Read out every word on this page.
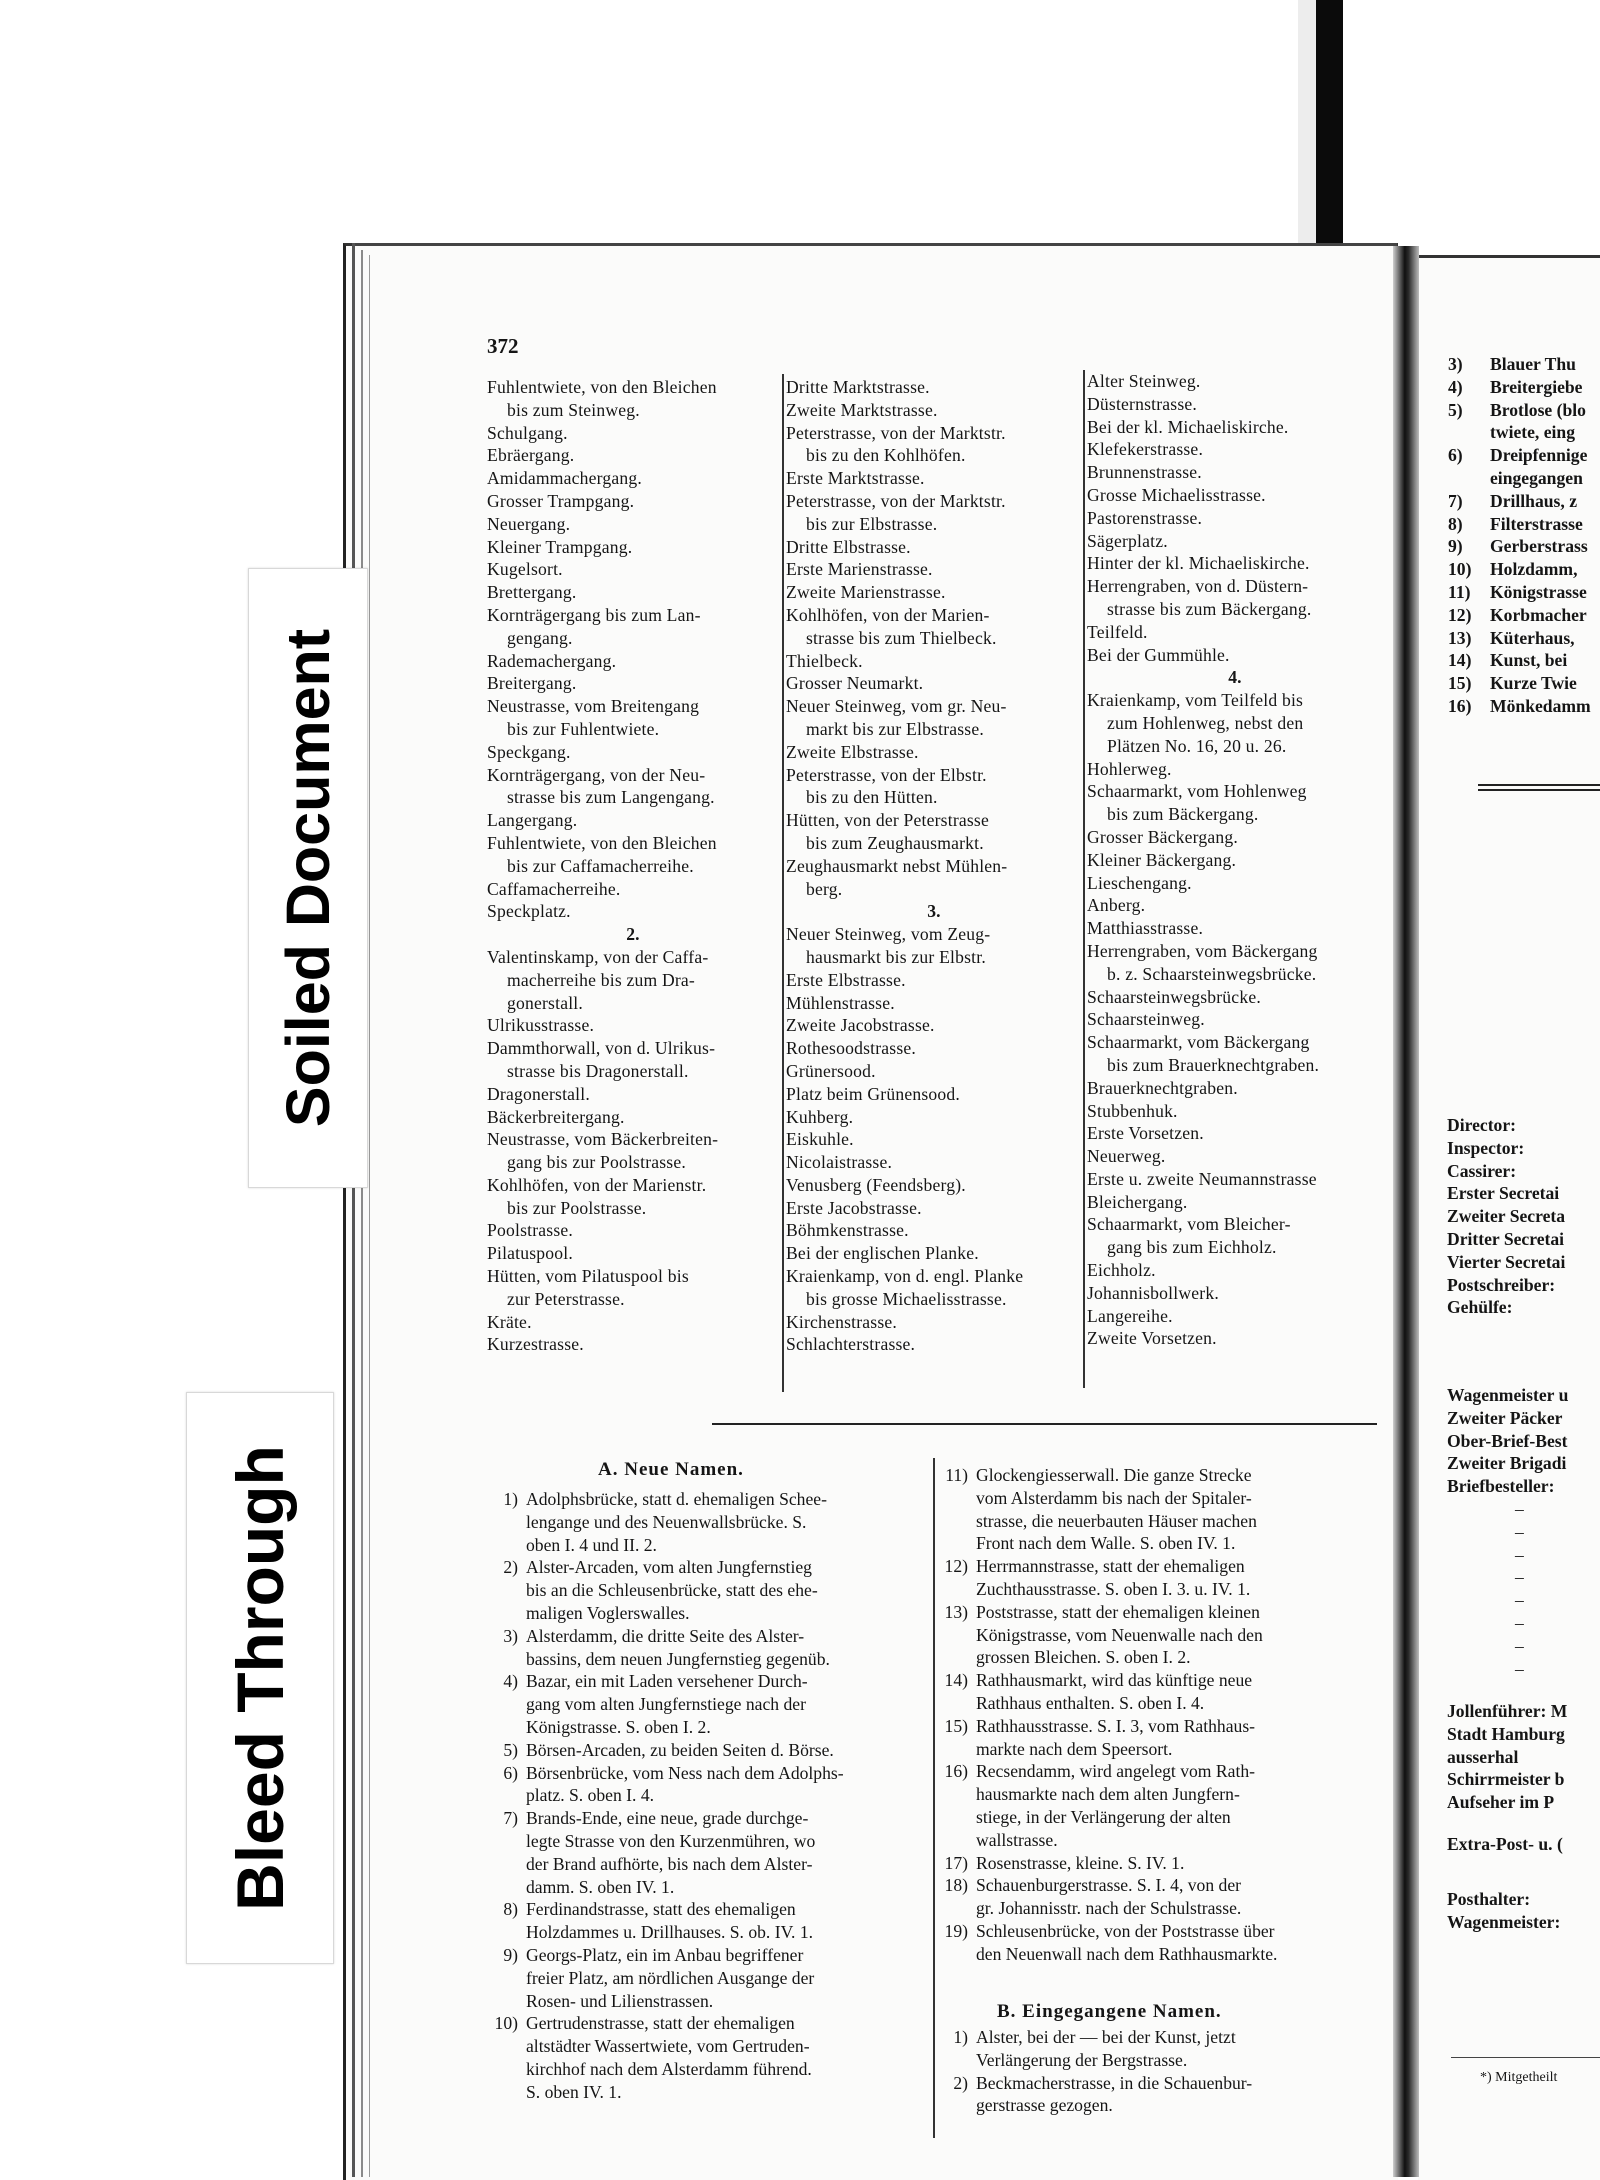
Soiled Document
Bleed Through
372
Fuhlentwiete, von den Bleichen
bis zum Steinweg.
Schulgang.
Ebräergang.
Amidammachergang.
Grosser Trampgang.
Neuergang.
Kleiner Trampgang.
Kugelsort.
Brettergang.
Kornträgergang bis zum Lan-
gengang.
Rademachergang.
Breitergang.
Neustrasse, vom Breitengang
bis zur Fuhlentwiete.
Speckgang.
Kornträgergang, von der Neu-
strasse bis zum Langengang.
Langergang.
Fuhlentwiete, von den Bleichen
bis zur Caffamacherreihe.
Caffamacherreihe.
Speckplatz.
2.
Valentinskamp, von der Caffa-
macherreihe bis zum Dra-
gonerstall.
Ulrikusstrasse.
Dammthorwall, von d. Ulrikus-
strasse bis Dragonerstall.
Dragonerstall.
Bäckerbreitergang.
Neustrasse, vom Bäckerbreiten-
gang bis zur Poolstrasse.
Kohlhöfen, von der Marienstr.
bis zur Poolstrasse.
Poolstrasse.
Pilatuspool.
Hütten, vom Pilatuspool bis
zur Peterstrasse.
Kräte.
Kurzestrasse.
Dritte Marktstrasse.
Zweite Marktstrasse.
Peterstrasse, von der Marktstr.
bis zu den Kohlhöfen.
Erste Marktstrasse.
Peterstrasse, von der Marktstr.
bis zur Elbstrasse.
Dritte Elbstrasse.
Erste Marienstrasse.
Zweite Marienstrasse.
Kohlhöfen, von der Marien-
strasse bis zum Thielbeck.
Thielbeck.
Grosser Neumarkt.
Neuer Steinweg, vom gr. Neu-
markt bis zur Elbstrasse.
Zweite Elbstrasse.
Peterstrasse, von der Elbstr.
bis zu den Hütten.
Hütten, von der Peterstrasse
bis zum Zeughausmarkt.
Zeughausmarkt nebst Mühlen-
berg.
3.
Neuer Steinweg, vom Zeug-
hausmarkt bis zur Elbstr.
Erste Elbstrasse.
Mühlenstrasse.
Zweite Jacobstrasse.
Rothesoodstrasse.
Grünersood.
Platz beim Grünensood.
Kuhberg.
Eiskuhle.
Nicolaistrasse.
Venusberg (Feendsberg).
Erste Jacobstrasse.
Böhmkenstrasse.
Bei der englischen Planke.
Kraienkamp, von d. engl. Planke
bis grosse Michaelisstrasse.
Kirchenstrasse.
Schlachterstrasse.
Alter Steinweg.
Düsternstrasse.
Bei der kl. Michaeliskirche.
Klefekerstrasse.
Brunnenstrasse.
Grosse Michaelisstrasse.
Pastorenstrasse.
Sägerplatz.
Hinter der kl. Michaeliskirche.
Herrengraben, von d. Düstern-
strasse bis zum Bäckergang.
Teilfeld.
Bei der Gummühle.
4.
Kraienkamp, vom Teilfeld bis
zum Hohlenweg, nebst den
Plätzen No. 16, 20 u. 26.
Hohlerweg.
Schaarmarkt, vom Hohlenweg
bis zum Bäckergang.
Grosser Bäckergang.
Kleiner Bäckergang.
Lieschengang.
Anberg.
Matthiasstrasse.
Herrengraben, vom Bäckergang
b. z. Schaarsteinwegsbrücke.
Schaarsteinwegsbrücke.
Schaarsteinweg.
Schaarmarkt, vom Bäckergang
bis zum Brauerknechtgraben.
Brauerknechtgraben.
Stubbenhuk.
Erste Vorsetzen.
Neuerweg.
Erste u. zweite Neumannstrasse
Bleichergang.
Schaarmarkt, vom Bleicher-
gang bis zum Eichholz.
Eichholz.
Johannisbollwerk.
Langereihe.
Zweite Vorsetzen.
A. Neue Namen.
1) Adolphsbrücke, statt d. ehemaligen Schee-
lengange und des Neuenwallsbrücke. S.
oben I. 4 und II. 2.
2) Alster-Arcaden, vom alten Jungfernstieg
bis an die Schleusenbrücke, statt des ehe-
maligen Voglerswalles.
3) Alsterdamm, die dritte Seite des Alster-
bassins, dem neuen Jungfernstieg gegenüb.
4) Bazar, ein mit Laden versehener Durch-
gang vom alten Jungfernstiege nach der
Königstrasse. S. oben I. 2.
5) Börsen-Arcaden, zu beiden Seiten d. Börse.
6) Börsenbrücke, vom Ness nach dem Adolphs-
platz. S. oben I. 4.
7) Brands-Ende, eine neue, grade durchge-
legte Strasse von den Kurzenmühren, wo
der Brand aufhörte, bis nach dem Alster-
damm. S. oben IV. 1.
8) Ferdinandstrasse, statt des ehemaligen
Holzdammes u. Drillhauses. S. ob. IV. 1.
9) Georgs-Platz, ein im Anbau begriffener
freier Platz, am nördlichen Ausgange der
Rosen- und Lilienstrassen.
10) Gertrudenstrasse, statt der ehemaligen
altstädter Wassertwiete, vom Gertruden-
kirchhof nach dem Alsterdamm führend.
S. oben IV. 1.
11) Glockengiesserwall. Die ganze Strecke
vom Alsterdamm bis nach der Spitaler-
strasse, die neuerbauten Häuser machen
Front nach dem Walle. S. oben IV. 1.
12) Herrmannstrasse, statt der ehemaligen
Zuchthausstrasse. S. oben I. 3. u. IV. 1.
13) Poststrasse, statt der ehemaligen kleinen
Königstrasse, vom Neuenwalle nach den
grossen Bleichen. S. oben I. 2.
14) Rathhausmarkt, wird das künftige neue
Rathhaus enthalten. S. oben I. 4.
15) Rathhausstrasse. S. I. 3, vom Rathhaus-
markte nach dem Speersort.
16) Recsendamm, wird angelegt vom Rath-
hausmarkte nach dem alten Jungfern-
stiege, in der Verlängerung der alten
wallstrasse.
17) Rosenstrasse, kleine. S. IV. 1.
18) Schauenburgerstrasse. S. I. 4, von der
gr. Johannisstr. nach der Schulstrasse.
19) Schleusenbrücke, von der Poststrasse über
den Neuenwall nach dem Rathhausmarkte.
B. Eingegangene Namen.
1) Alster, bei der — bei der Kunst, jetzt
Verlängerung der Bergstrasse.
2) Beckmacherstrasse, in die Schauenbur-
gerstrasse gezogen.
3)	Blauer Thu
4)	Breitergiebe
5)	Brotlose (blo
twiete, eing
6)	Dreipfennige
eingegangen
7)	Drillhaus, z
8)	Filterstrasse
9)	Gerberstrass
10)	Holzdamm,
11)	Königstrasse
12)	Korbmacher
13)	Küterhaus,
14)	Kunst, bei
15)	Kurze Twie
16)	Mönkedamm
Director:
Inspector:
Cassirer:
Erster Secretai
Zweiter Secreta
Dritter Secretai
Vierter Secretai
Postschreiber:
Gehülfe:
Wagenmeister u
Zweiter Päcker
Ober-Brief-Best
Zweiter Brigadi
Briefbesteller:
–
–
–
–
–
–
–
–
Jollenführer: M
Stadt Hamburg
ausserhal
Schirrmeister b
Aufseher im P
Extra-Post- u. (
Posthalter:
Wagenmeister:
*) Mitgetheilt
